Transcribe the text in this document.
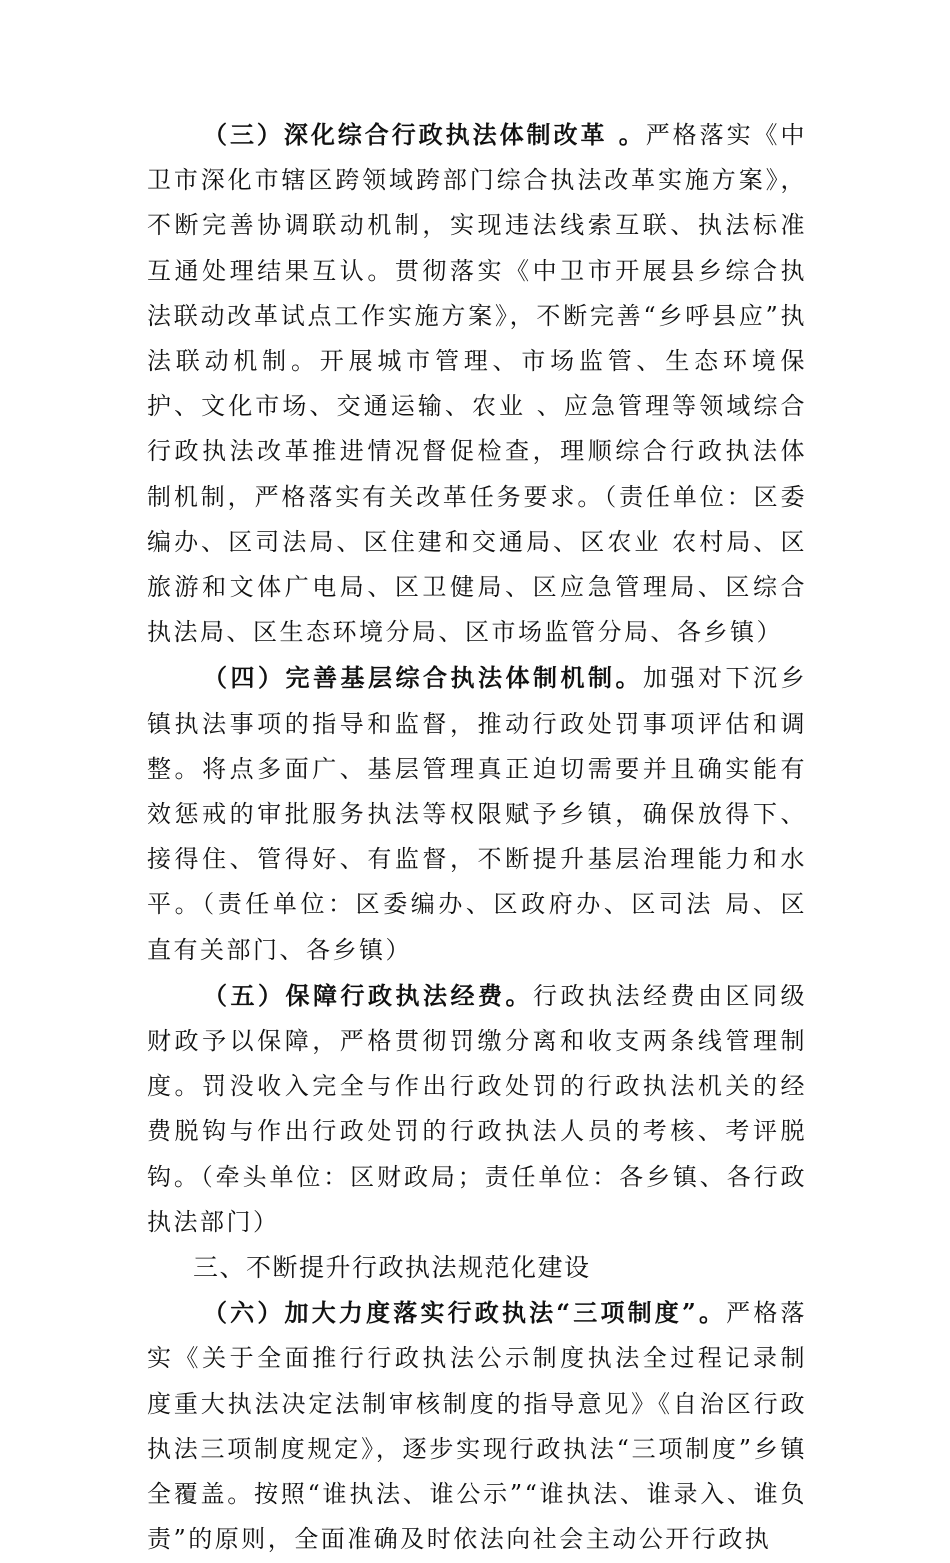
（三）深化综合行政执法体制改革 。严格落实《中卫市深化市辖区跨领域跨部门综合执法改革实施方案》，不断完善协调联动机制，实现违法线索互联、执法标准互通处理结果互认。贯彻落实《中卫市开展县乡综合执法联动改革试点工作实施方案》，不断完善“乡呼县应”执法联动机制。开展城市管理、市场监管、生态环境保护、文化市场、交通运输、农业 、应急管理等领域综合行政执法改革推进情况督促检查，理顺综合行政执法体制机制，严格落实有关改革任务要求。（责任单位：区委编办、区司法局、区住建和交通局、区农业 农村局、区旅游和文体广电局、区卫健局、区应急管理局、区综合执法局、区生态环境分局、区市场监管分局、各乡镇）

（四）完善基层综合执法体制机制。加强对下沉乡镇执法事项的指导和监督，推动行政处罚事项评估和调整。将点多面广、基层管理真正迫切需要并且确实能有效惩戒的审批服务执法等权限赋予乡镇，确保放得下、接得住、管得好、有监督，不断提升基层治理能力和水平。（责任单位：区委编办、区政府办、区司法 局、区直有关部门、各乡镇）

（五）保障行政执法经费。行政执法经费由区同级财政予以保障，严格贯彻罚缴分离和收支两条线管理制度。罚没收入完全与作出行政处罚的行政执法机关的经费脱钩与作出行政处罚的行政执法人员的考核、考评脱钩。（牵头单位：区财政局；责任单位：各乡镇、各行政执法部门）

三、不断提升行政执法规范化建设

（六）加大力度落实行政执法“三项制度”。严格落实《关于全面推行行政执法公示制度执法全过程记录制度重大执法决定法制审核制度的指导意见》《自治区行政执法三项制度规定》，逐步实现行政执法“三项制度”乡镇全覆盖。按照“谁执法、谁公示”“谁执法、谁录入、谁负责”的原则，全面准确及时依法向社会主动公开行政执
